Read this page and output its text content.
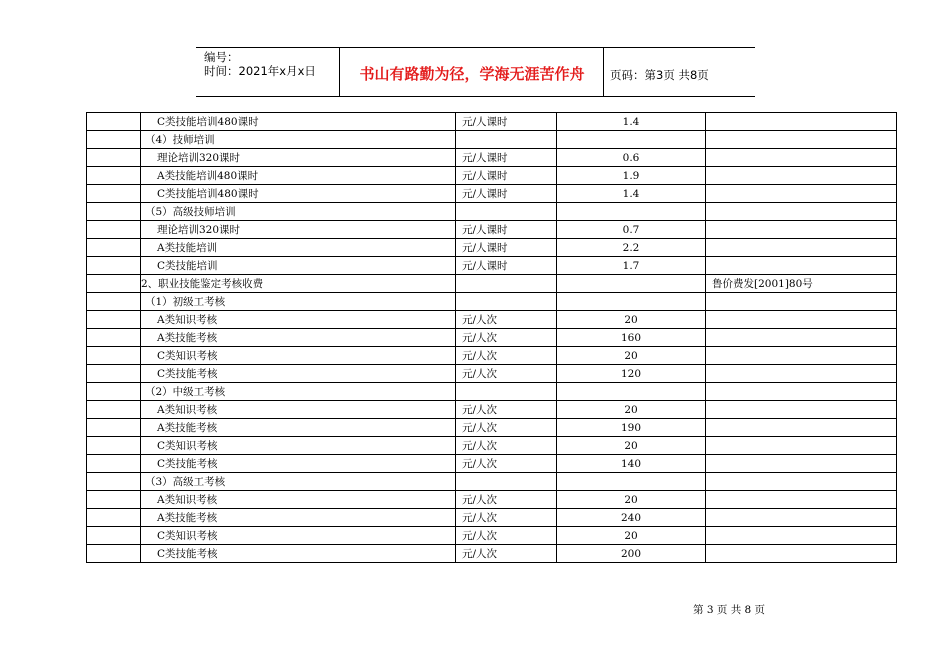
编号：
时间：2021年x月x日	书山有路勤为径，学海无涯苦作舟	页码：第3页 共8页
	C类技能培训480课时	元/人课时	1.4	
	（4）技师培训			
	理论培训320课时	元/人课时	0.6	
	A类技能培训480课时	元/人课时	1.9	
	C类技能培训480课时	元/人课时	1.4	
	（5）高级技师培训			
	理论培训320课时	元/人课时	0.7	
	A类技能培训	元/人课时	2.2	
	C类技能培训	元/人课时	1.7	
	2、职业技能鉴定考核收费			鲁价费发[2001]80号
	（1）初级工考核			
	A类知识考核	元/人次	20	
	A类技能考核	元/人次	160	
	C类知识考核	元/人次	20	
	C类技能考核	元/人次	120	
	（2）中级工考核			
	A类知识考核	元/人次	20	
	A类技能考核	元/人次	190	
	C类知识考核	元/人次	20	
	C类技能考核	元/人次	140	
	（3）高级工考核			
	A类知识考核	元/人次	20	
	A类技能考核	元/人次	240	
	C类知识考核	元/人次	20	
	C类技能考核	元/人次	200	
第 3 页 共 8 页
